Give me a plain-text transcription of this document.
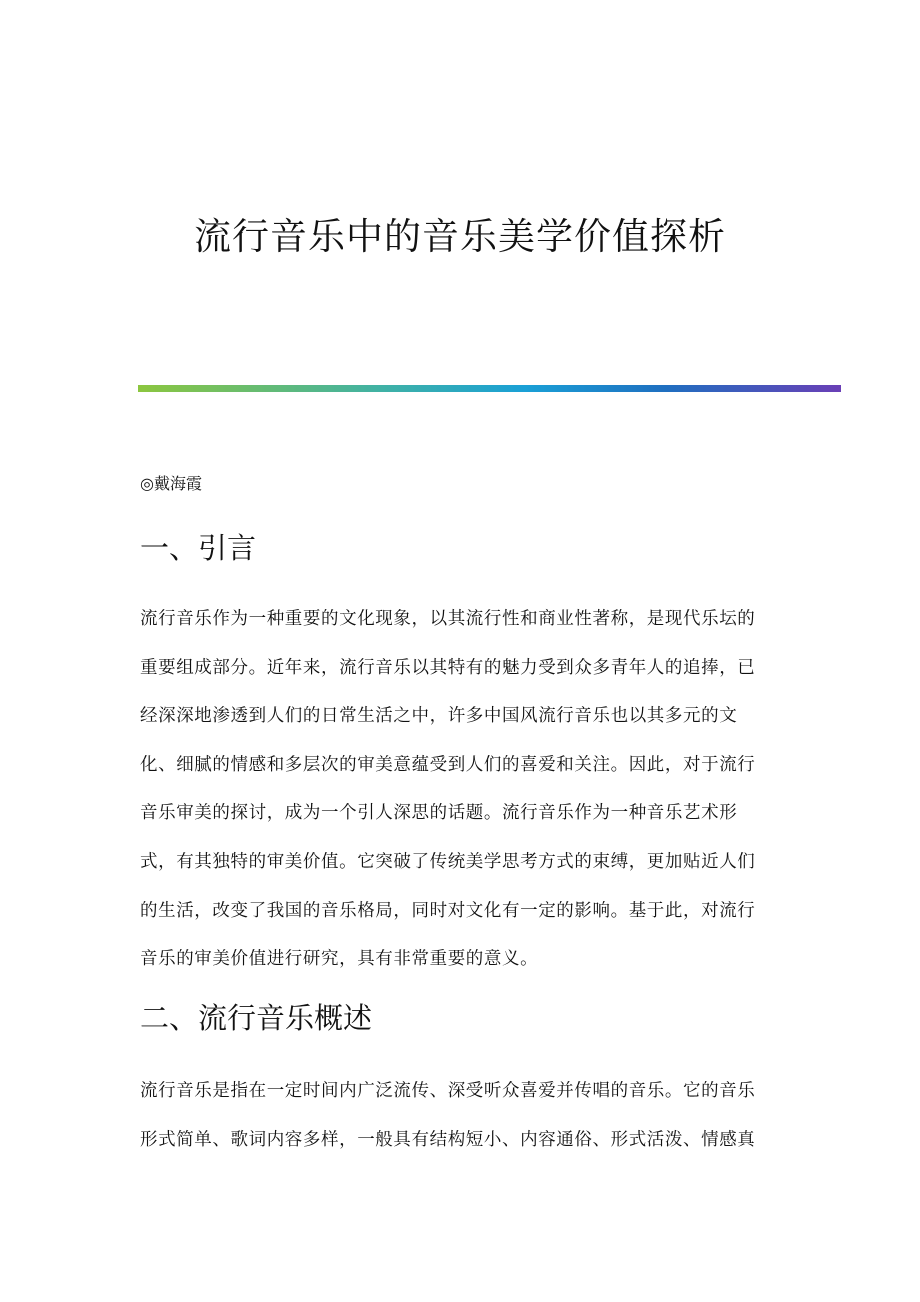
流行音乐中的音乐美学价值探析
◎戴海霞
一、引言
流行音乐作为一种重要的文化现象，以其流行性和商业性著称，是现代乐坛的
重要组成部分。近年来，流行音乐以其特有的魅力受到众多青年人的追捧，已
经深深地渗透到人们的日常生活之中，许多中国风流行音乐也以其多元的文
化、细腻的情感和多层次的审美意蕴受到人们的喜爱和关注。因此，对于流行
音乐审美的探讨，成为一个引人深思的话题。流行音乐作为一种音乐艺术形
式，有其独特的审美价值。它突破了传统美学思考方式的束缚，更加贴近人们
的生活，改变了我国的音乐格局，同时对文化有一定的影响。基于此，对流行
音乐的审美价值进行研究，具有非常重要的意义。
二、流行音乐概述
流行音乐是指在一定时间内广泛流传、深受听众喜爱并传唱的音乐。它的音乐
形式简单、歌词内容多样，一般具有结构短小、内容通俗、形式活泼、情感真
